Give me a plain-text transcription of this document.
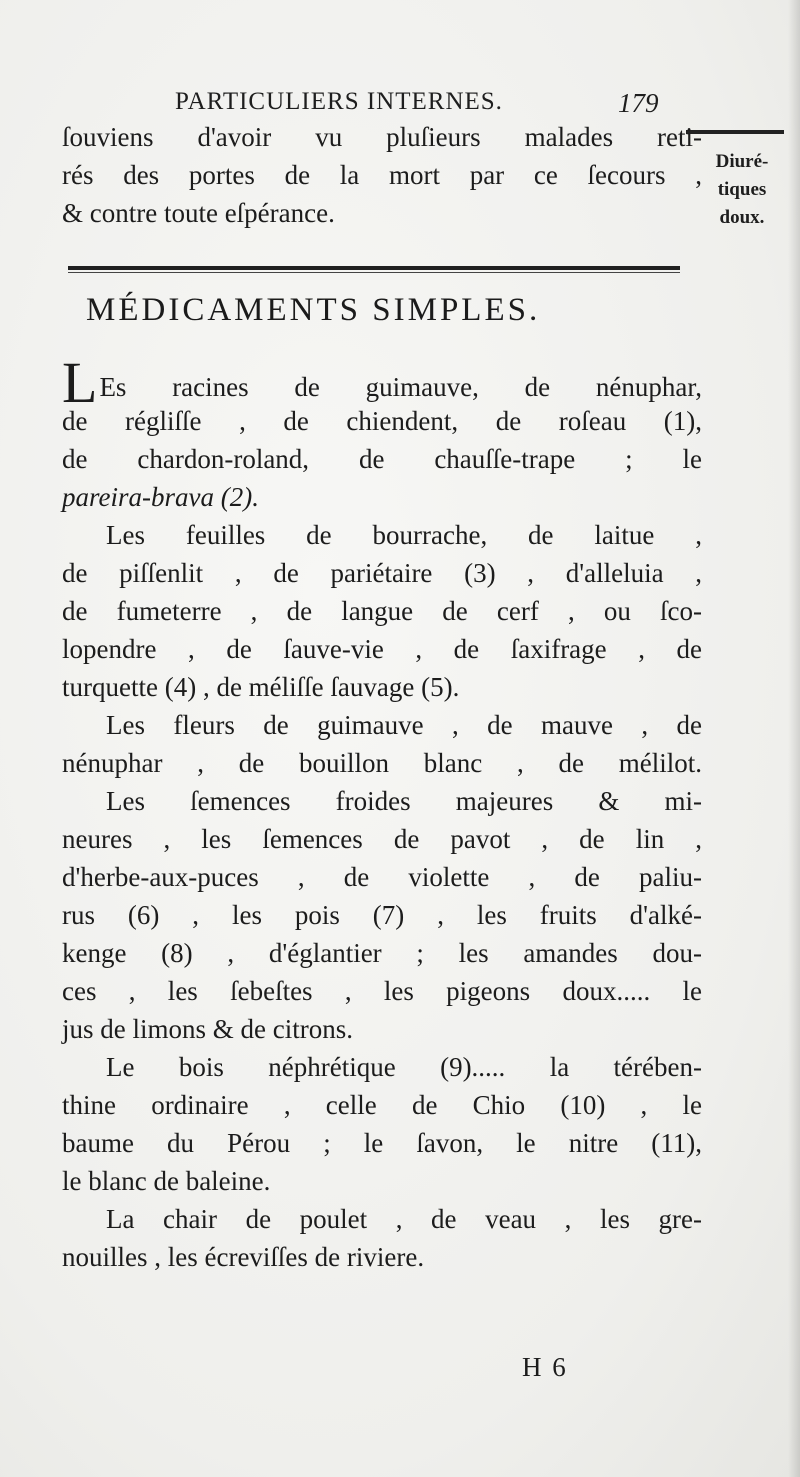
PARTICULIERS INTERNES.	179
Diuré-
tiques
doux.
ſouviens d'avoir vu pluſieurs malades reti-
rés des portes de la mort par ce ſecours ,
& contre toute eſpérance.
MÉDICAMENTS SIMPLES.
LEs racines de guimauve, de nénuphar,
de régliſſe , de chiendent, de roſeau (1),
de chardon-roland, de chauſſe-trape ; le
pareira-brava (2).
Les feuilles de bourrache, de laitue ,
de piſſenlit , de pariétaire (3) , d'alleluia ,
de fumeterre , de langue de cerf , ou ſco-
lopendre , de ſauve-vie , de ſaxifrage , de
turquette (4) , de méliſſe ſauvage (5).
Les fleurs de guimauve , de mauve , de
nénuphar , de bouillon blanc , de mélilot.
Les ſemences froides majeures & mi-
neures , les ſemences de pavot , de lin ,
d'herbe-aux-puces , de violette , de paliu-
rus (6) , les pois (7) , les fruits d'alké-
kenge (8) , d'églantier ; les amandes dou-
ces , les ſebeſtes , les pigeons doux..... le
jus de limons & de citrons.
Le bois néphrétique (9)..... la térében-
thine ordinaire , celle de Chio (10) , le
baume du Pérou ; le ſavon, le nitre (11),
le blanc de baleine.
La chair de poulet , de veau , les gre-
nouilles , les écreviſſes de riviere.
H 6
